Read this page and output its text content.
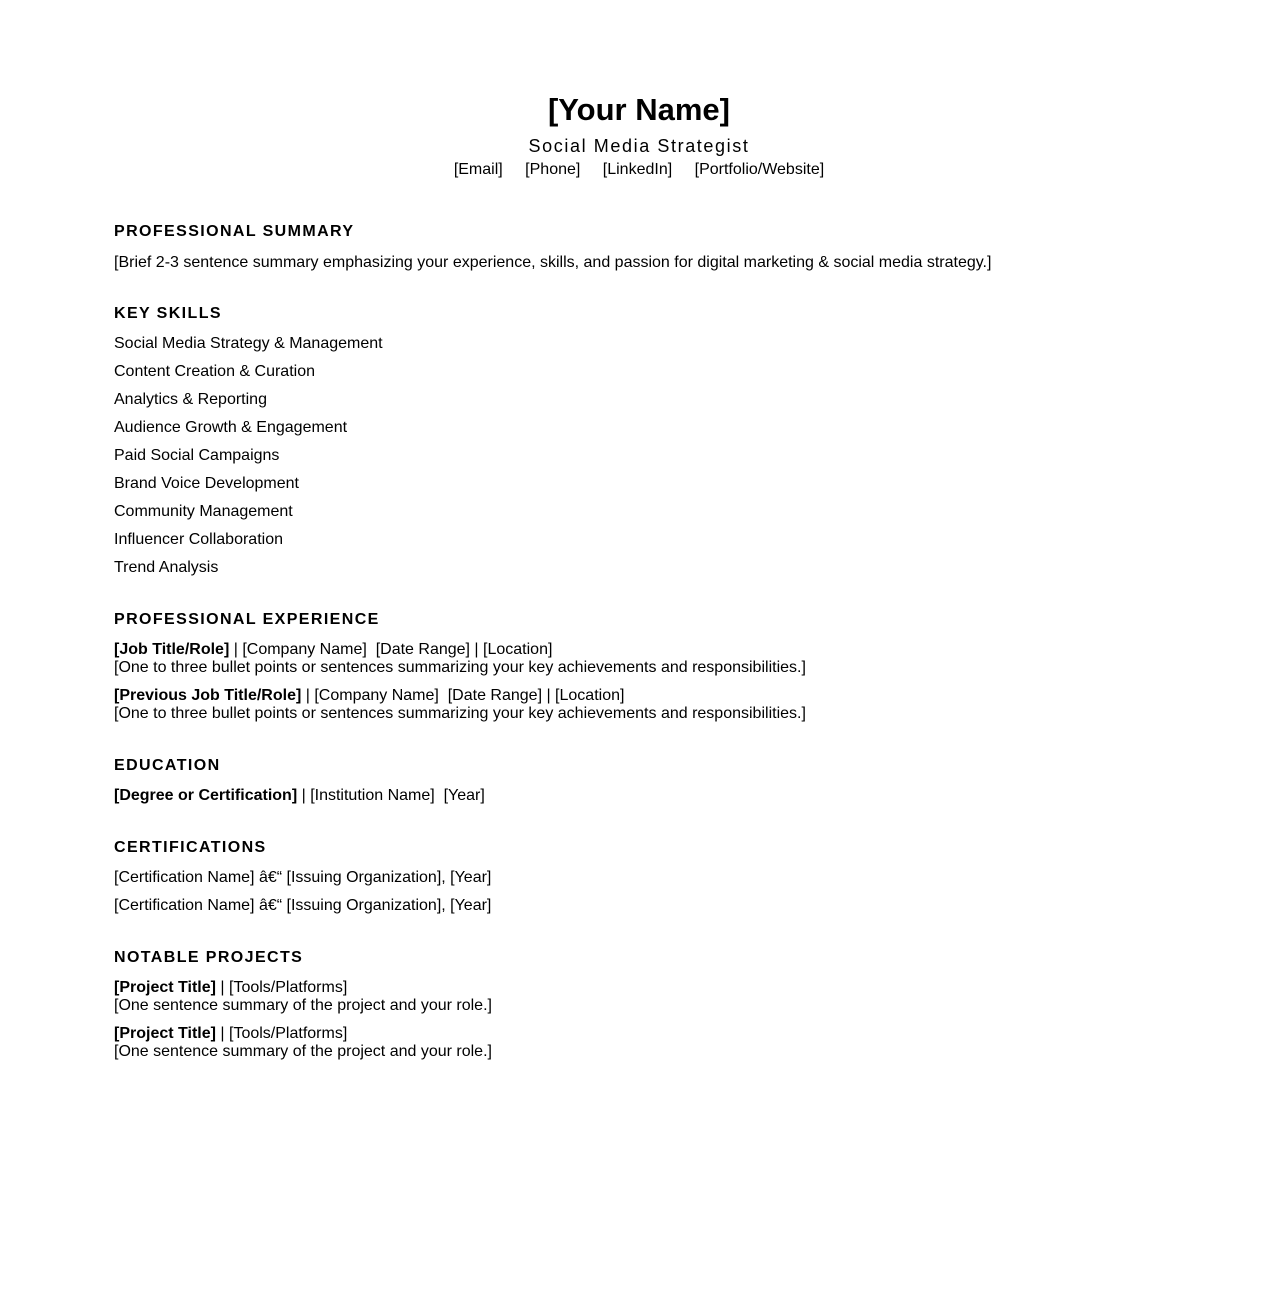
[Your Name]
Social Media Strategist
[Email] [Phone] [LinkedIn] [Portfolio/Website]
PROFESSIONAL SUMMARY
[Brief 2-3 sentence summary emphasizing your experience, skills, and passion for digital marketing & social media strategy.]
KEY SKILLS
Social Media Strategy & Management
Content Creation & Curation
Analytics & Reporting
Audience Growth & Engagement
Paid Social Campaigns
Brand Voice Development
Community Management
Influencer Collaboration
Trend Analysis
PROFESSIONAL EXPERIENCE
[Job Title/Role] | [Company Name]  [Date Range] | [Location]
[One to three bullet points or sentences summarizing your key achievements and responsibilities.]
[Previous Job Title/Role] | [Company Name]  [Date Range] | [Location]
[One to three bullet points or sentences summarizing your key achievements and responsibilities.]
EDUCATION
[Degree or Certification] | [Institution Name]  [Year]
CERTIFICATIONS
[Certification Name] â€“ [Issuing Organization], [Year]
[Certification Name] â€“ [Issuing Organization], [Year]
NOTABLE PROJECTS
[Project Title] | [Tools/Platforms]
[One sentence summary of the project and your role.]
[Project Title] | [Tools/Platforms]
[One sentence summary of the project and your role.]
